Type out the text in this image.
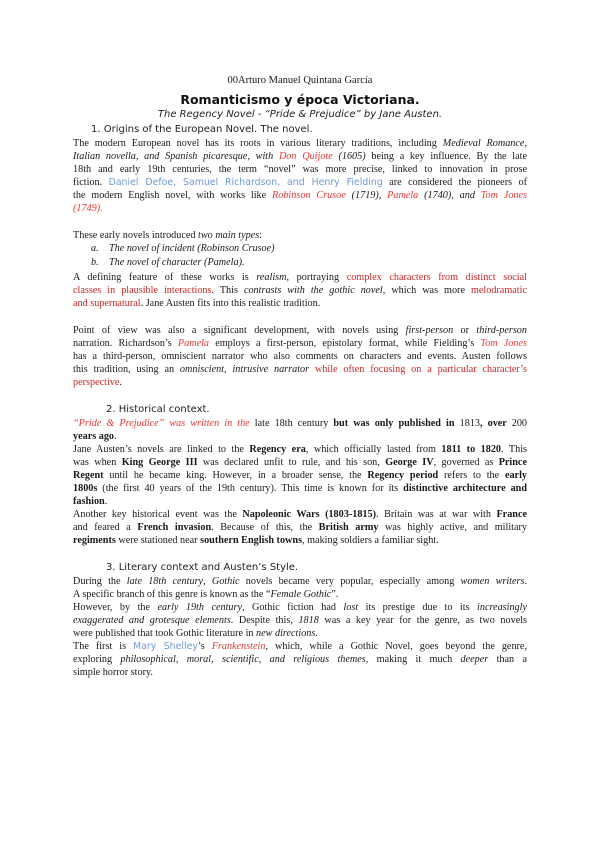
00Arturo Manuel Quintana García
Romanticismo y época Victoriana.
The Regency Novel - “Pride & Prejudice” by Jane Austen.
1. Origins of the European Novel. The novel.
The modern European novel has its roots in various literary traditions, including Medieval Romance,
Italian novella, and Spanish picaresque, with Don Quijote (1605) being a key influence. By the late
18th and early 19th centuries, the term “novel” was more precise, linked to innovation in prose
fiction. Daniel Defoe, Samuel Richardson, and Henry Fielding are considered the pioneers of
the modern English novel, with works like Robinson Crusoe (1719), Pamela (1740), and Tom Jones
(1749).
These early novels introduced two main types:
a.	The novel of incident (Robinson Crusoe)
b.	The novel of character (Pamela).
A defining feature of these works is realism, portraying complex characters from distinct social
classes in plausible interactions. This contrasts with the gothic novel, which was more melodramatic
and supernatural. Jane Austen fits into this realistic tradition.
Point of view was also a significant development, with novels using first-person or third-person
narration. Richardson’s Pamela employs a first-person, epistolary format, while Fielding’s Tom Jones
has a third-person, omniscient narrator who also comments on characters and events. Austen follows
this tradition, using an omniscient, intrusive narrator while often focusing on a particular character’s
perspective.
2. Historical context.
“Pride & Prejudice” was written in the late 18th century but was only published in 1813, over 200
years ago.
Jane Austen’s novels are linked to the Regency era, which officially lasted from 1811 to 1820. This
was when King George III was declared unfit to rule, and his son, George IV, governed as Prince
Regent until he became king. However, in a broader sense, the Regency period refers to the early
1800s (the first 40 years of the 19th century). This time is known for its distinctive architecture and
fashion.
Another key historical event was the Napoleonic Wars (1803-1815). Britain was at war with France
and feared a French invasion. Because of this, the British army was highly active, and military
regiments were stationed near southern English towns, making soldiers a familiar sight.
3. Literary context and Austen’s Style.
During the late 18th century, Gothic novels became very popular, especially among women writers.
A specific branch of this genre is known as the “Female Gothic”.
However, by the early 19th century, Gothic fiction had lost its prestige due to its increasingly
exaggerated and grotesque elements. Despite this, 1818 was a key year for the genre, as two novels
were published that took Gothic literature in new directions.
The first is Mary Shelley’s Frankenstein, which, while a Gothic Novel, goes beyond the genre,
exploring philosophical, moral, scientific, and religious themes, making it much deeper than a
simple horror story.
